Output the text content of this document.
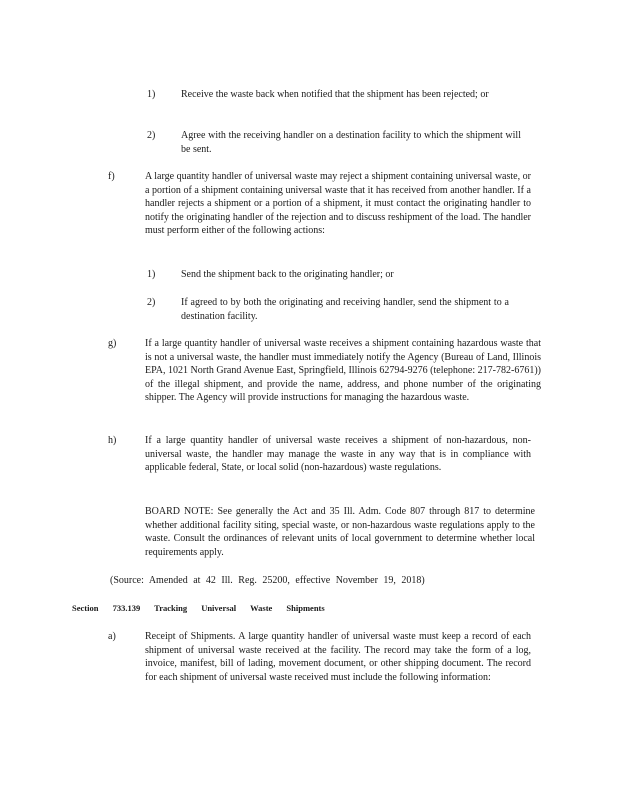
1)	Receive the waste back when notified that the shipment has been rejected; or

2)	Agree with the receiving handler on a destination facility to which the shipment will be sent.

f)	A large quantity handler of universal waste may reject a shipment containing universal waste, or a portion of a shipment containing universal waste that it has received from another handler. If a handler rejects a shipment or a portion of a shipment, it must contact the originating handler to notify the originating handler of the rejection and to discuss reshipment of the load. The handler must perform either of the following actions:

1)	Send the shipment back to the originating handler; or

2)	If agreed to by both the originating and receiving handler, send the shipment to a destination facility.

g)	If a large quantity handler of universal waste receives a shipment containing hazardous waste that is not a universal waste, the handler must immediately notify the Agency (Bureau of Land, Illinois EPA, 1021 North Grand Avenue East, Springfield, Illinois 62794-9276 (telephone: 217-782-6761)) of the illegal shipment, and provide the name, address, and phone number of the originating shipper. The Agency will provide instructions for managing the hazardous waste.

h)	If a large quantity handler of universal waste receives a shipment of non-hazardous, non-universal waste, the handler may manage the waste in any way that is in compliance with applicable federal, State, or local solid (non-hazardous) waste regulations.

BOARD NOTE: See generally the Act and 35 Ill. Adm. Code 807 through 817 to determine whether additional facility siting, special waste, or non-hazardous waste regulations apply to the waste. Consult the ordinances of relevant units of local government to determine whether local requirements apply.

(Source: Amended at 42 Ill. Reg. 25200, effective November 19, 2018)

Section 733.139 Tracking Universal Waste Shipments

a)	Receipt of Shipments. A large quantity handler of universal waste must keep a record of each shipment of universal waste received at the facility. The record may take the form of a log, invoice, manifest, bill of lading, movement document, or other shipping document. The record for each shipment of universal waste received must include the following information:
